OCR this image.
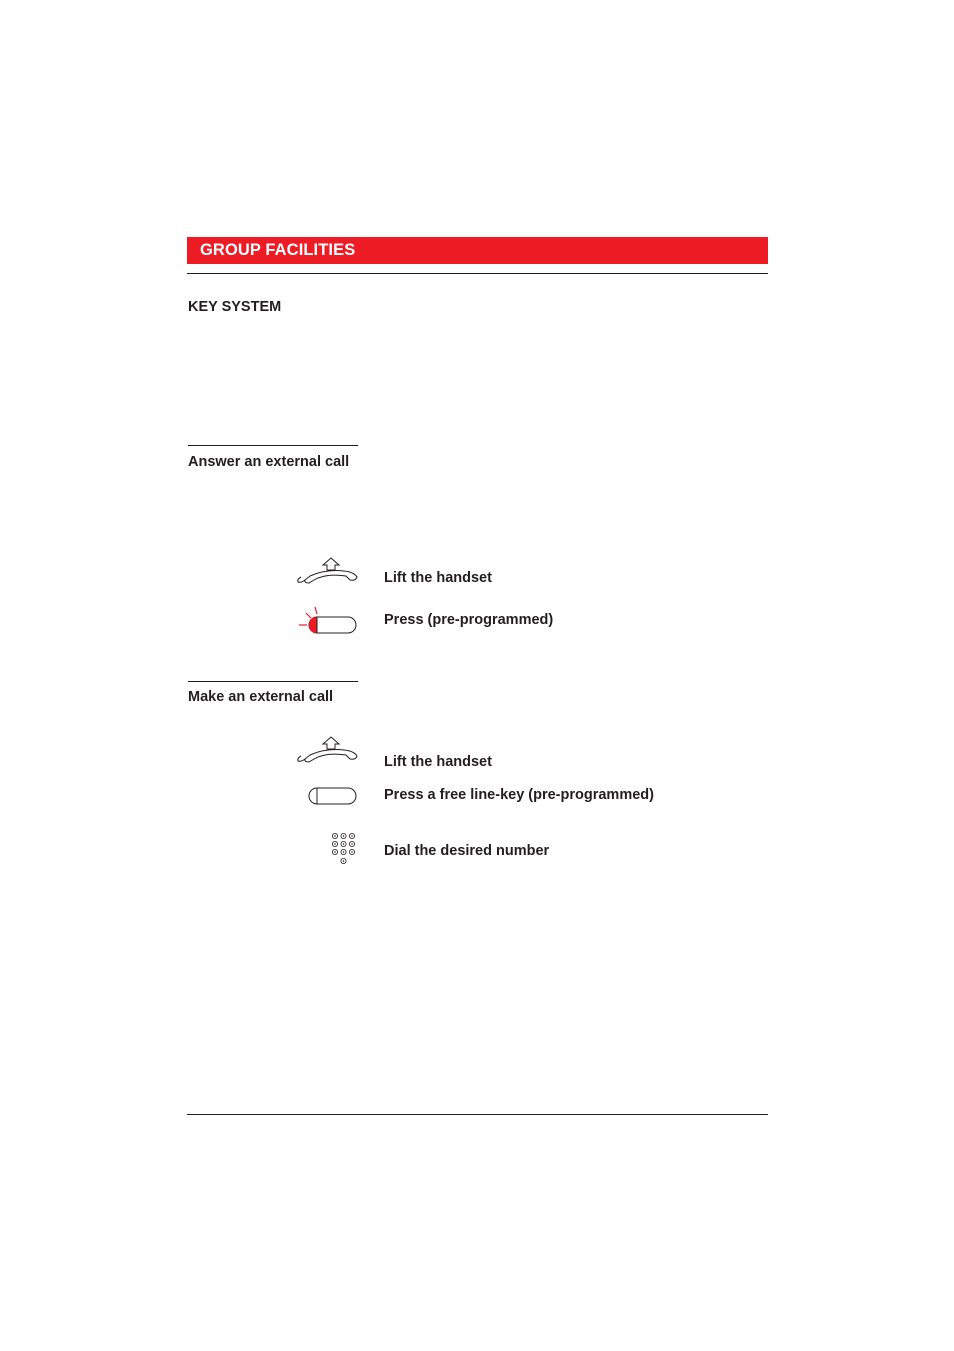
GROUP FACILITIES
KEY SYSTEM
Answer an external call
Lift the handset
Press (pre-programmed)
Make an external call
Lift the handset
Press a free line-key (pre-programmed)
Dial the desired number
